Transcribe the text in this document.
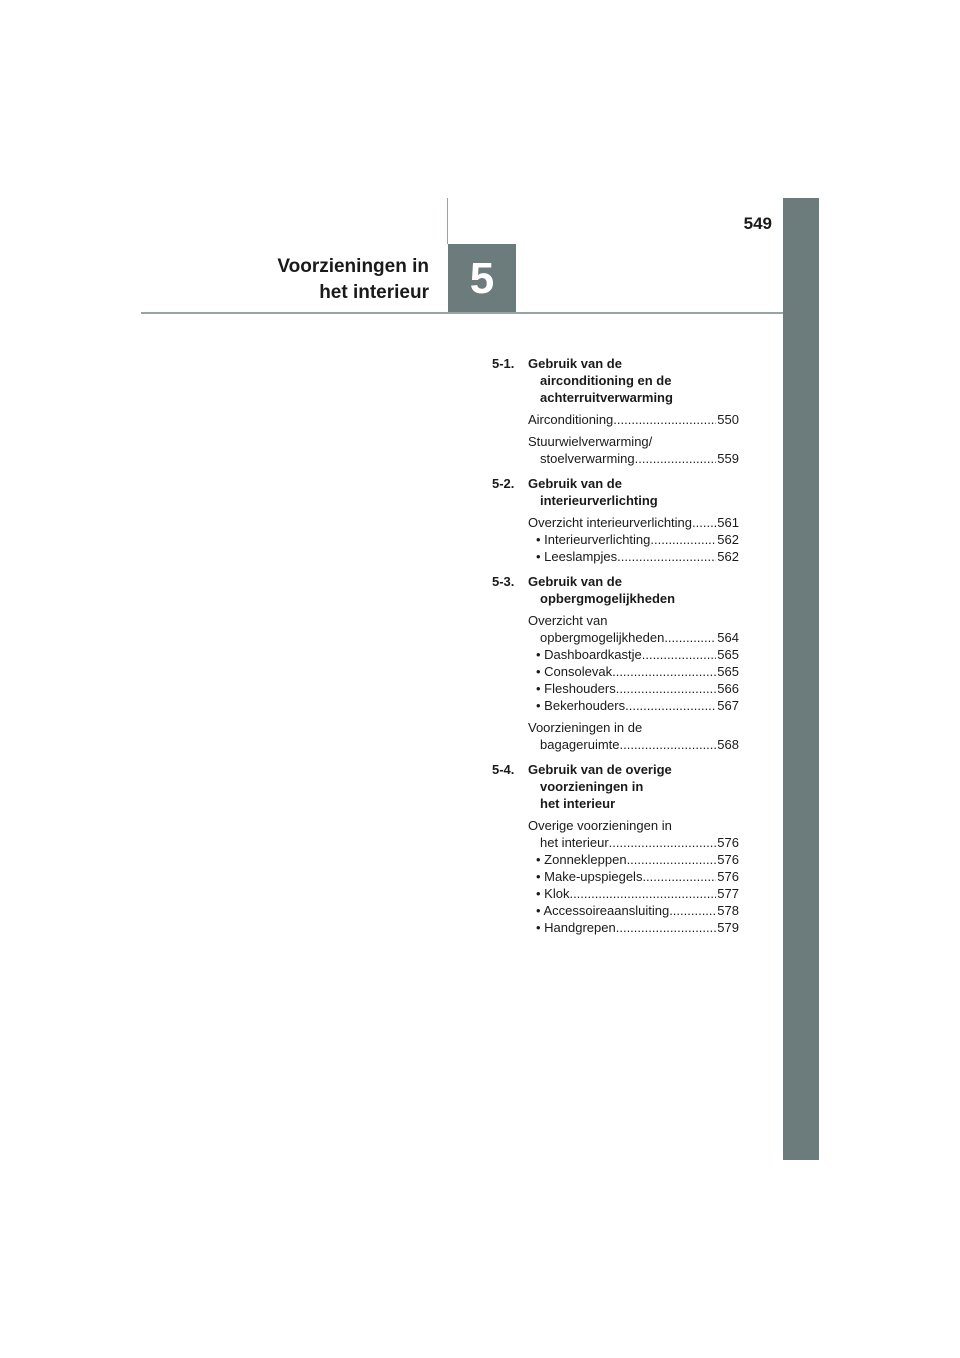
549
5
Voorzieningen in
het interieur
5-1.	Gebruik van de
airconditioning en de
achterruitverwarming
Airconditioning .....	550
Stuurwielverwarming/
stoelverwarming .....	559
5-2.	Gebruik van de
interieurverlichting
Overzicht interieurverlichting ..... 561
• Interieurverlichting .....	562
• Leeslampjes .....	562
5-3.	Gebruik van de
opbergmogelijkheden
Overzicht van
opbergmogelijkheden .....	564
• Dashboardkastje .....	565
• Consolevak .....	565
• Fleshouders .....	566
• Bekerhouders .....	567
Voorzieningen in de
bagageruimte .....	568
5-4.	Gebruik van de overige
voorzieningen in
het interieur
Overige voorzieningen in
het interieur .....	576
• Zonnekleppen .....	576
• Make-upspiegels .....	576
• Klok .....	577
• Accessoireaansluiting .....	578
• Handgrepen .....	579
